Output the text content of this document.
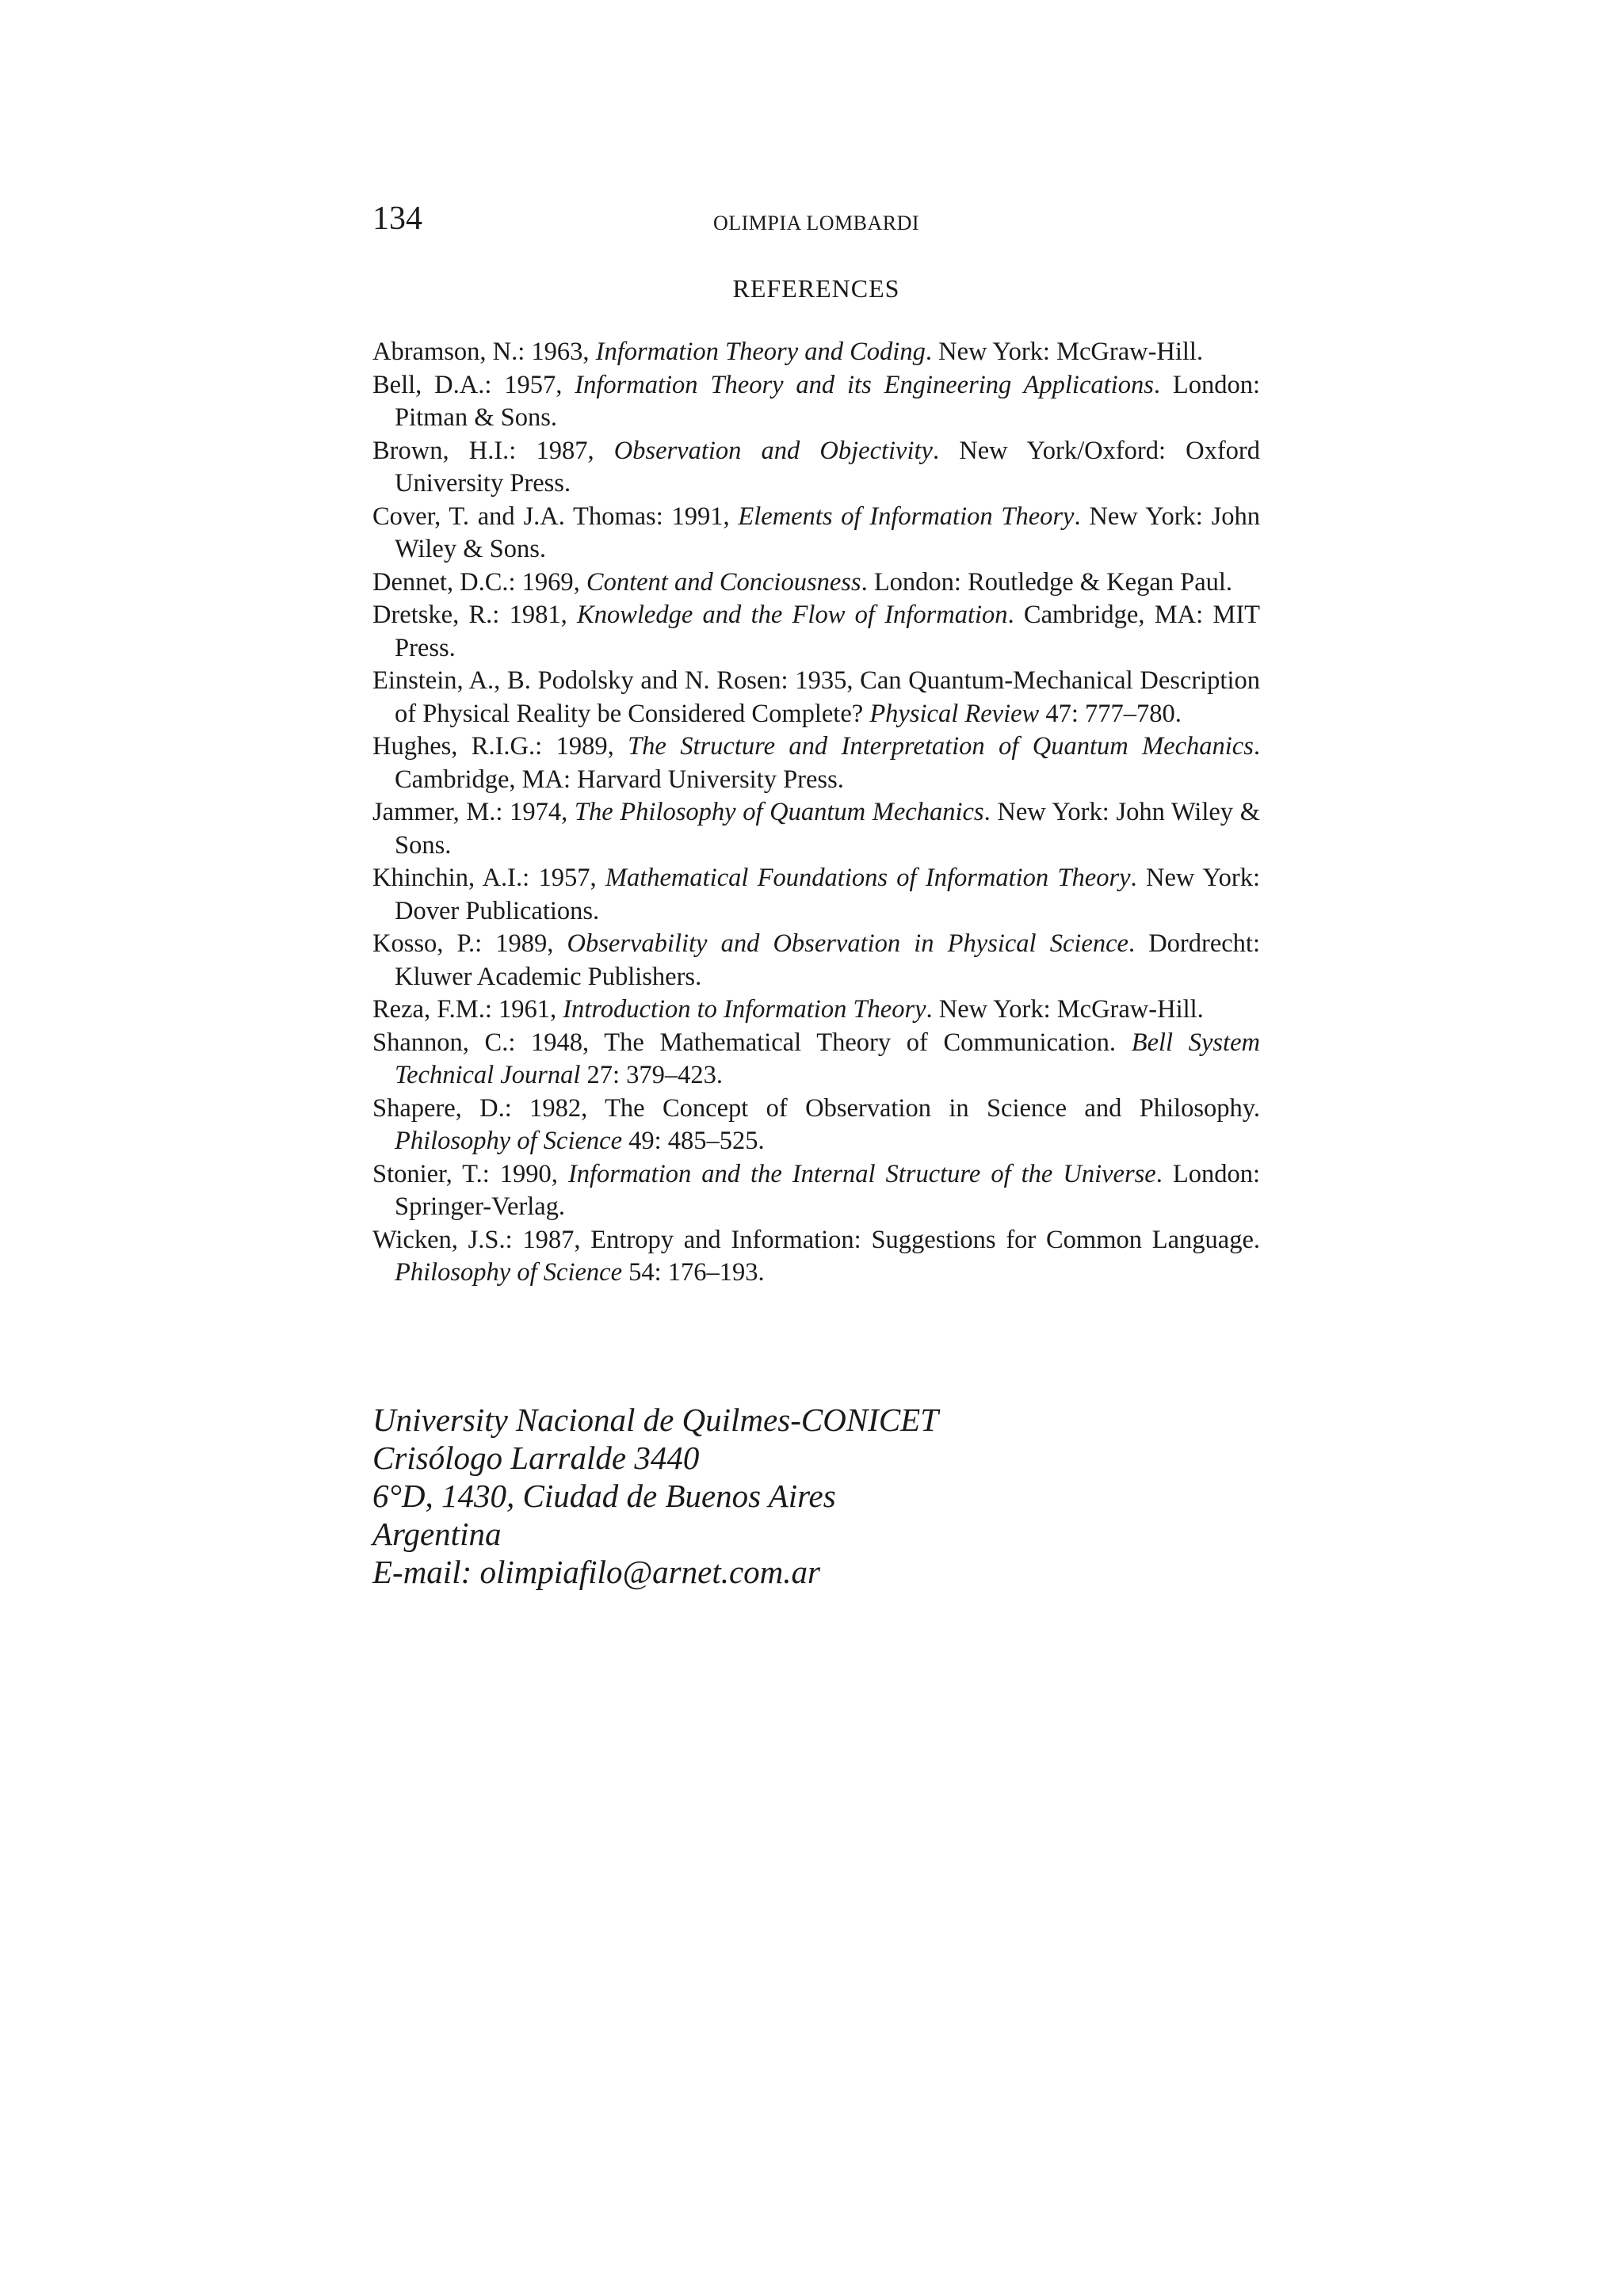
134	OLIMPIA LOMBARDI
REFERENCES
Abramson, N.: 1963, Information Theory and Coding. New York: McGraw-Hill.
Bell, D.A.: 1957, Information Theory and its Engineering Applications. London: Pitman & Sons.
Brown, H.I.: 1987, Observation and Objectivity. New York/Oxford: Oxford University Press.
Cover, T. and J.A. Thomas: 1991, Elements of Information Theory. New York: John Wiley & Sons.
Dennet, D.C.: 1969, Content and Conciousness. London: Routledge & Kegan Paul.
Dretske, R.: 1981, Knowledge and the Flow of Information. Cambridge, MA: MIT Press.
Einstein, A., B. Podolsky and N. Rosen: 1935, Can Quantum-Mechanical Description of Physical Reality be Considered Complete? Physical Review 47: 777–780.
Hughes, R.I.G.: 1989, The Structure and Interpretation of Quantum Mechanics. Cambridge, MA: Harvard University Press.
Jammer, M.: 1974, The Philosophy of Quantum Mechanics. New York: John Wiley & Sons.
Khinchin, A.I.: 1957, Mathematical Foundations of Information Theory. New York: Dover Publications.
Kosso, P.: 1989, Observability and Observation in Physical Science. Dordrecht: Kluwer Academic Publishers.
Reza, F.M.: 1961, Introduction to Information Theory. New York: McGraw-Hill.
Shannon, C.: 1948, The Mathematical Theory of Communication. Bell System Technical Journal 27: 379–423.
Shapere, D.: 1982, The Concept of Observation in Science and Philosophy. Philosophy of Science 49: 485–525.
Stonier, T.: 1990, Information and the Internal Structure of the Universe. London: Springer-Verlag.
Wicken, J.S.: 1987, Entropy and Information: Suggestions for Common Language. Philosophy of Science 54: 176–193.
University Nacional de Quilmes-CONICET
Crisólogo Larralde 3440
6°D, 1430, Ciudad de Buenos Aires
Argentina
E-mail: olimpiafilo@arnet.com.ar
